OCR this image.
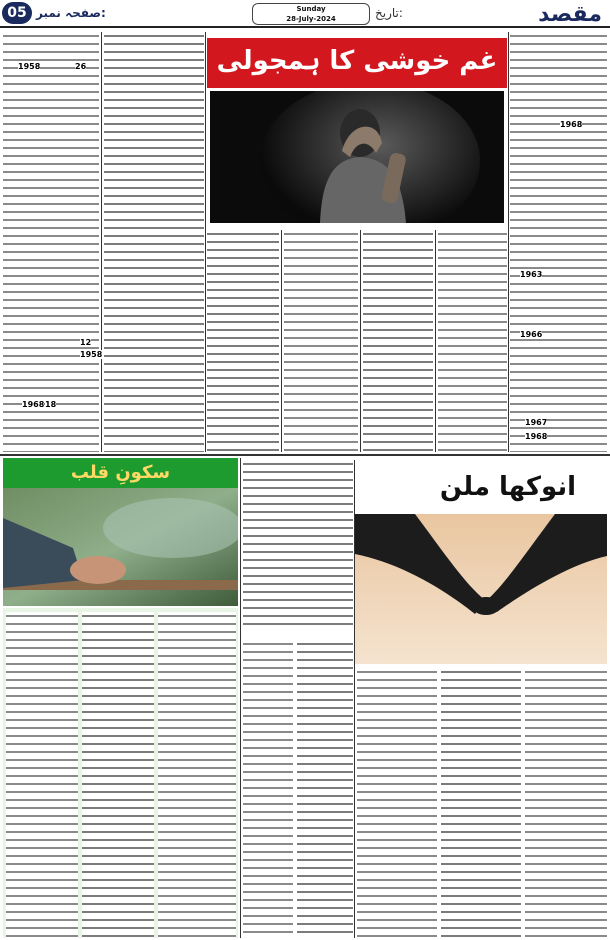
05 صفحہ نمبر:	Sunday
28-July-2024	تاریخ:	مقصد
غم خوشی کا ہمجولی
1968
1963
1966
1967
1968
1958
1968
1958
12
26
18
سکونِ قلب	انوکھا ملن
